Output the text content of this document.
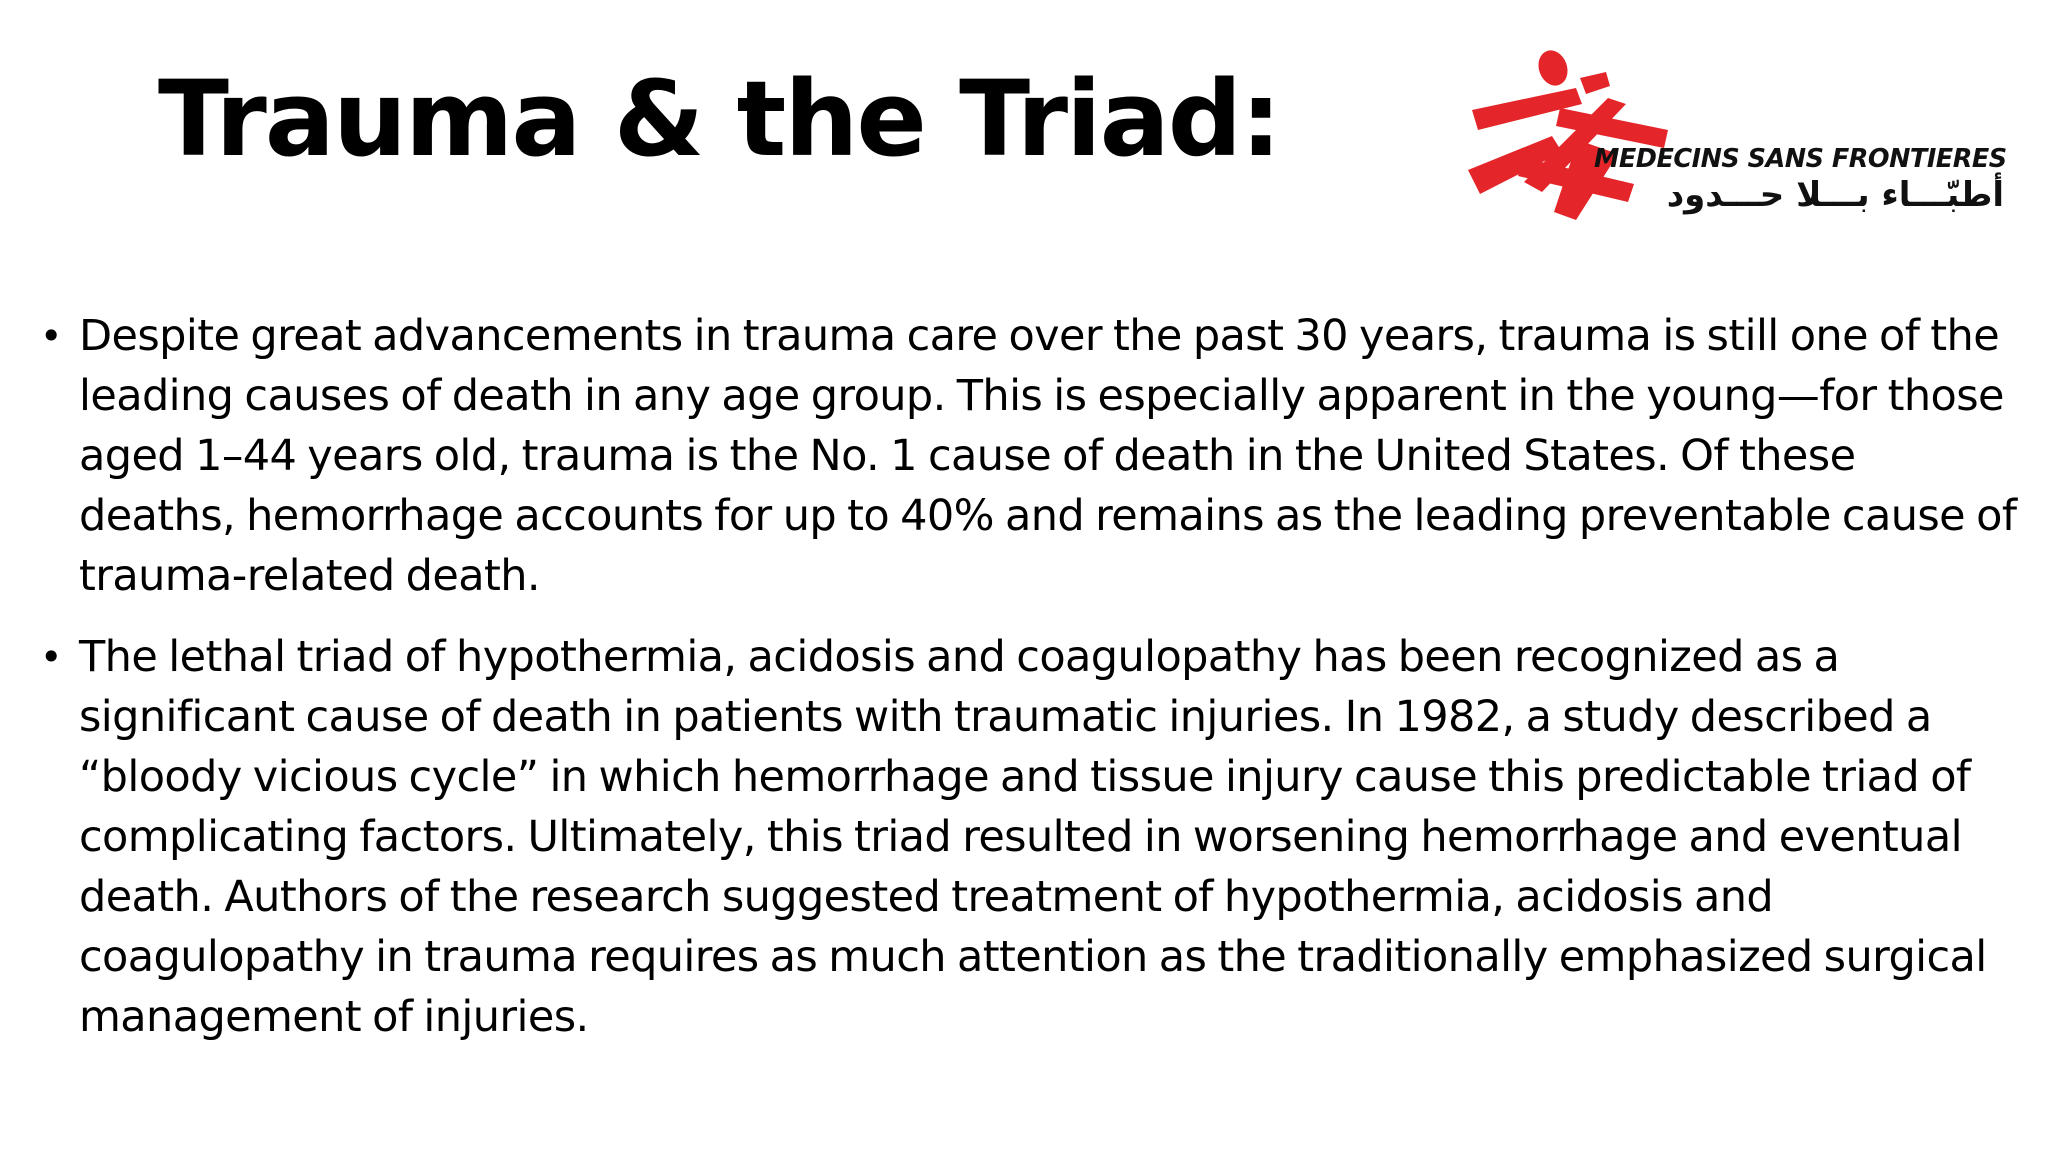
Trauma & the Triad:	MEDECINS SANS FRONTIERES
أطبّـــاء بـــلا حـــدود
• Despite great advancements in trauma care over the past 30 years, trauma is still one of the leading causes of death in any age group. This is especially apparent in the young—for those aged 1–44 years old, trauma is the No. 1 cause of death in the United States. Of these deaths, hemorrhage accounts for up to 40% and remains as the leading preventable cause of trauma-related death.
• The lethal triad of hypothermia, acidosis and coagulopathy has been recognized as a significant cause of death in patients with traumatic injuries. In 1982, a study described a “bloody vicious cycle” in which hemorrhage and tissue injury cause this predictable triad of complicating factors. Ultimately, this triad resulted in worsening hemorrhage and eventual death. Authors of the research suggested treatment of hypothermia, acidosis and coagulopathy in trauma requires as much attention as the traditionally emphasized surgical management of injuries.
